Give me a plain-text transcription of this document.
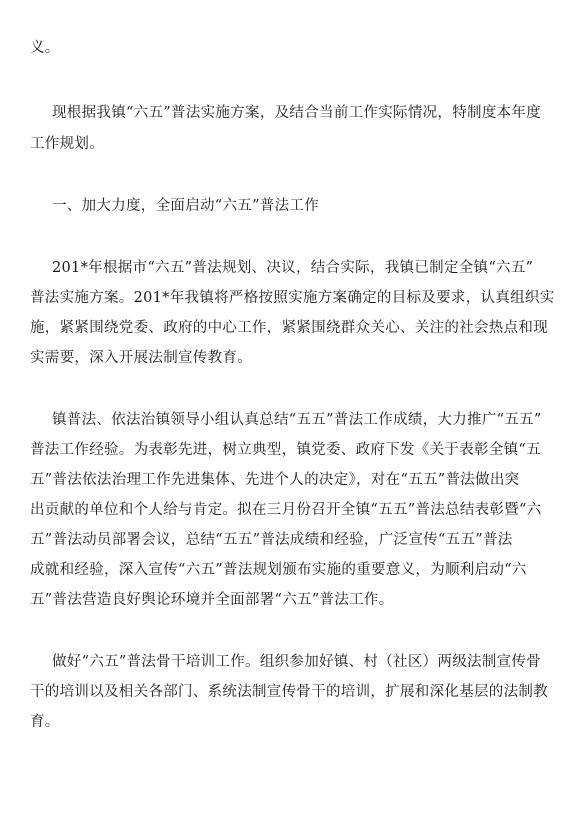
义。
现根据我镇“六五”普法实施方案，及结合当前工作实际情况，特制度本年度
工作规划。
一、加大力度，全面启动“六五”普法工作
201*年根据市“六五”普法规划、决议，结合实际，我镇已制定全镇“六五”
普法实施方案。201*年我镇将严格按照实施方案确定的目标及要求，认真组织实
施，紧紧围绕党委、政府的中心工作，紧紧围绕群众关心、关注的社会热点和现
实需要，深入开展法制宣传教育。
镇普法、依法治镇领导小组认真总结“五五”普法工作成绩，大力推广“五五”
普法工作经验。为表彰先进，树立典型，镇党委、政府下发《关于表彰全镇“五
五”普法依法治理工作先进集体、先进个人的决定》，对在“五五”普法做出突
出贡献的单位和个人给与肯定。拟在三月份召开全镇“五五”普法总结表彰暨“六
五”普法动员部署会议，总结“五五”普法成绩和经验，广泛宣传“五五”普法
成就和经验，深入宣传“六五”普法规划颁布实施的重要意义，为顺利启动“六
五”普法营造良好舆论环境并全面部署“六五”普法工作。
做好“六五”普法骨干培训工作。组织参加好镇、村（社区）两级法制宣传骨
干的培训以及相关各部门、系统法制宣传骨干的培训，扩展和深化基层的法制教
育。
